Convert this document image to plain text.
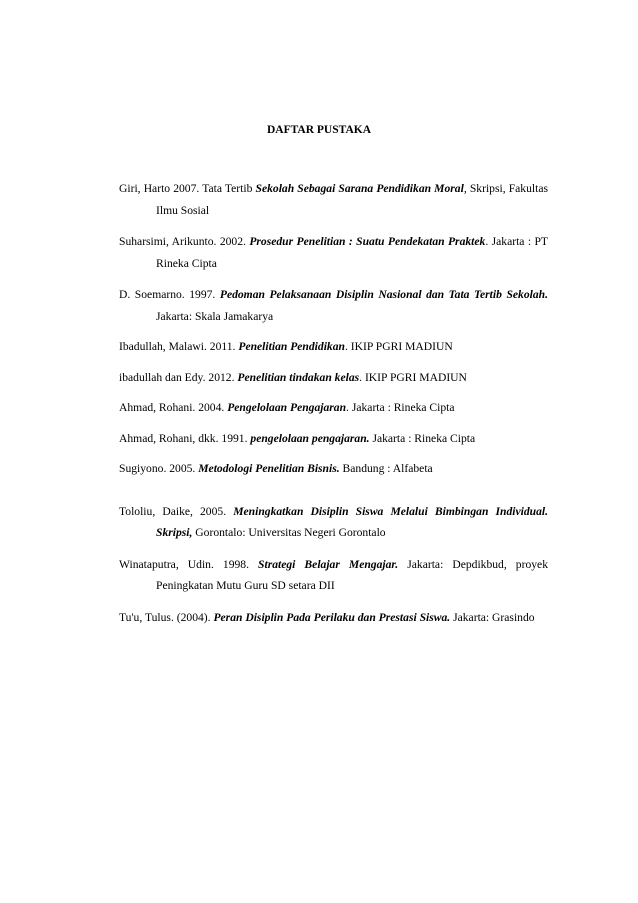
DAFTAR PUSTAKA

Giri, Harto 2007. Tata Tertib Sekolah Sebagai Sarana Pendidikan Moral, Skripsi, Fakultas Ilmu Sosial

Suharsimi, Arikunto. 2002. Prosedur Penelitian : Suatu Pendekatan Praktek. Jakarta : PT Rineka Cipta

D. Soemarno. 1997. Pedoman Pelaksanaan Disiplin Nasional dan Tata Tertib Sekolah. Jakarta: Skala Jamakarya

Ibadullah, Malawi. 2011. Penelitian Pendidikan. IKIP PGRI MADIUN

ibadullah dan Edy. 2012. Penelitian tindakan kelas. IKIP PGRI MADIUN

Ahmad, Rohani. 2004. Pengelolaan Pengajaran. Jakarta : Rineka Cipta

Ahmad, Rohani, dkk. 1991. pengelolaan pengajaran. Jakarta : Rineka Cipta

Sugiyono. 2005. Metodologi Penelitian Bisnis. Bandung : Alfabeta

Tololiu, Daike, 2005. Meningkatkan Disiplin Siswa Melalui Bimbingan Individual. Skripsi, Gorontalo: Universitas Negeri Gorontalo

Winataputra, Udin. 1998. Strategi Belajar Mengajar. Jakarta: Depdikbud, proyek Peningkatan Mutu Guru SD setara DII

Tu'u, Tulus. (2004). Peran Disiplin Pada Perilaku dan Prestasi Siswa. Jakarta: Grasindo
